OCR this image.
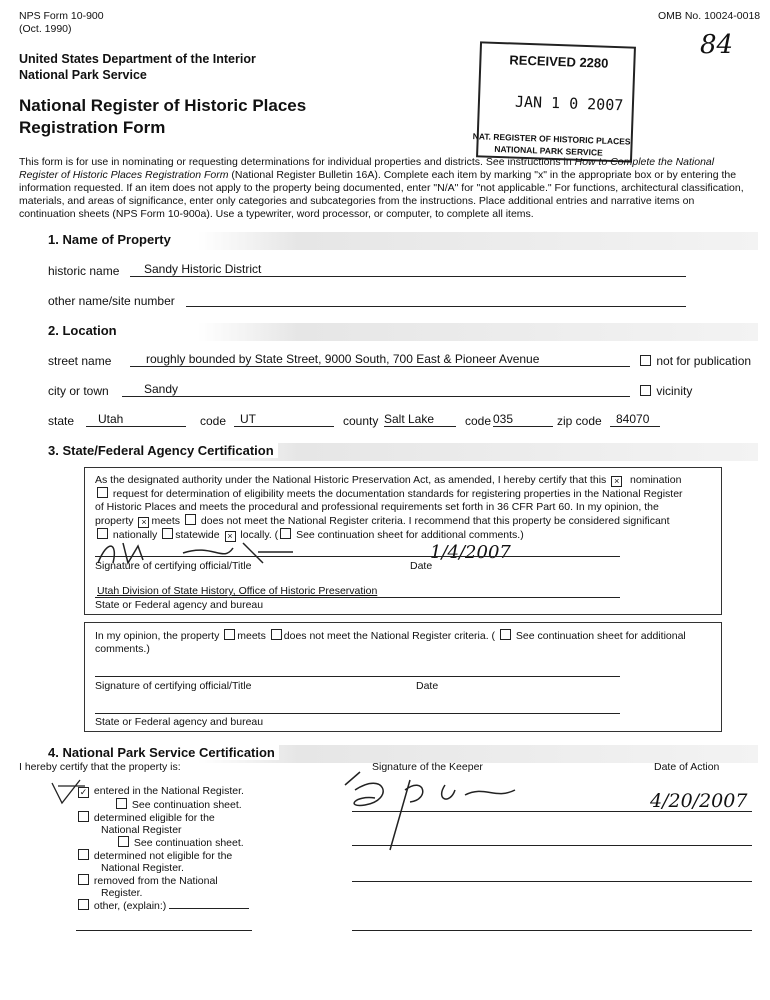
NPS Form 10-900
(Oct. 1990)
OMB No. 10024-0018
84
United States Department of the Interior
National Park Service
National Register of Historic Places
Registration Form
RECEIVED 2280
JAN 1 0 2007
NAT. REGISTER OF HISTORIC PLACES
NATIONAL PARK SERVICE
This form is for use in nominating or requesting determinations for individual properties and districts. See instructions in How to Complete the National
Register of Historic Places Registration Form (National Register Bulletin 16A). Complete each item by marking "x" in the appropriate box or by entering the
information requested. If an item does not apply to the property being documented, enter "N/A" for "not applicable." For functions, architectural classification,
materials, and areas of significance, enter only categories and subcategories from the instructions. Place additional entries and narrative items on
continuation sheets (NPS Form 10-900a). Use a typewriter, word processor, or computer, to complete all items.
1. Name of Property
historic name	Sandy Historic District
other name/site number
2. Location
street name	roughly bounded by State Street, 9000 South, 700 East & Pioneer Avenue	not for publication
city or town	Sandy	vicinity
state	Utah	code	UT	county Salt Lake	code 035	zip code	84070
3. State/Federal Agency Certification
As the designated authority under the National Historic Preservation Act, as amended, I hereby certify that this × nomination
request for determination of eligibility meets the documentation standards for registering properties in the National Register
of Historic Places and meets the procedural and professional requirements set forth in 36 CFR Part 60. In my opinion, the
property × meets does not meet the National Register criteria. I recommend that this property be considered significant
nationally statewide × locally. ( See continuation sheet for additional comments.)
1/4/2007
Signature of certifying official/Title	Date
Utah Division of State History, Office of Historic Preservation
State or Federal agency and bureau
In my opinion, the property meets does not meet the National Register criteria. ( See continuation sheet for additional
comments.)
Signature of certifying official/Title	Date
State or Federal agency and bureau
4. National Park Service Certification
I hereby certify that the property is:
✓ entered in the National Register.
See continuation sheet.
determined eligible for the
National Register
See continuation sheet.
determined not eligible for the
National Register.
removed from the National
Register.
other, (explain:)
Signature of the Keeper	Date of Action
4/20/2007
